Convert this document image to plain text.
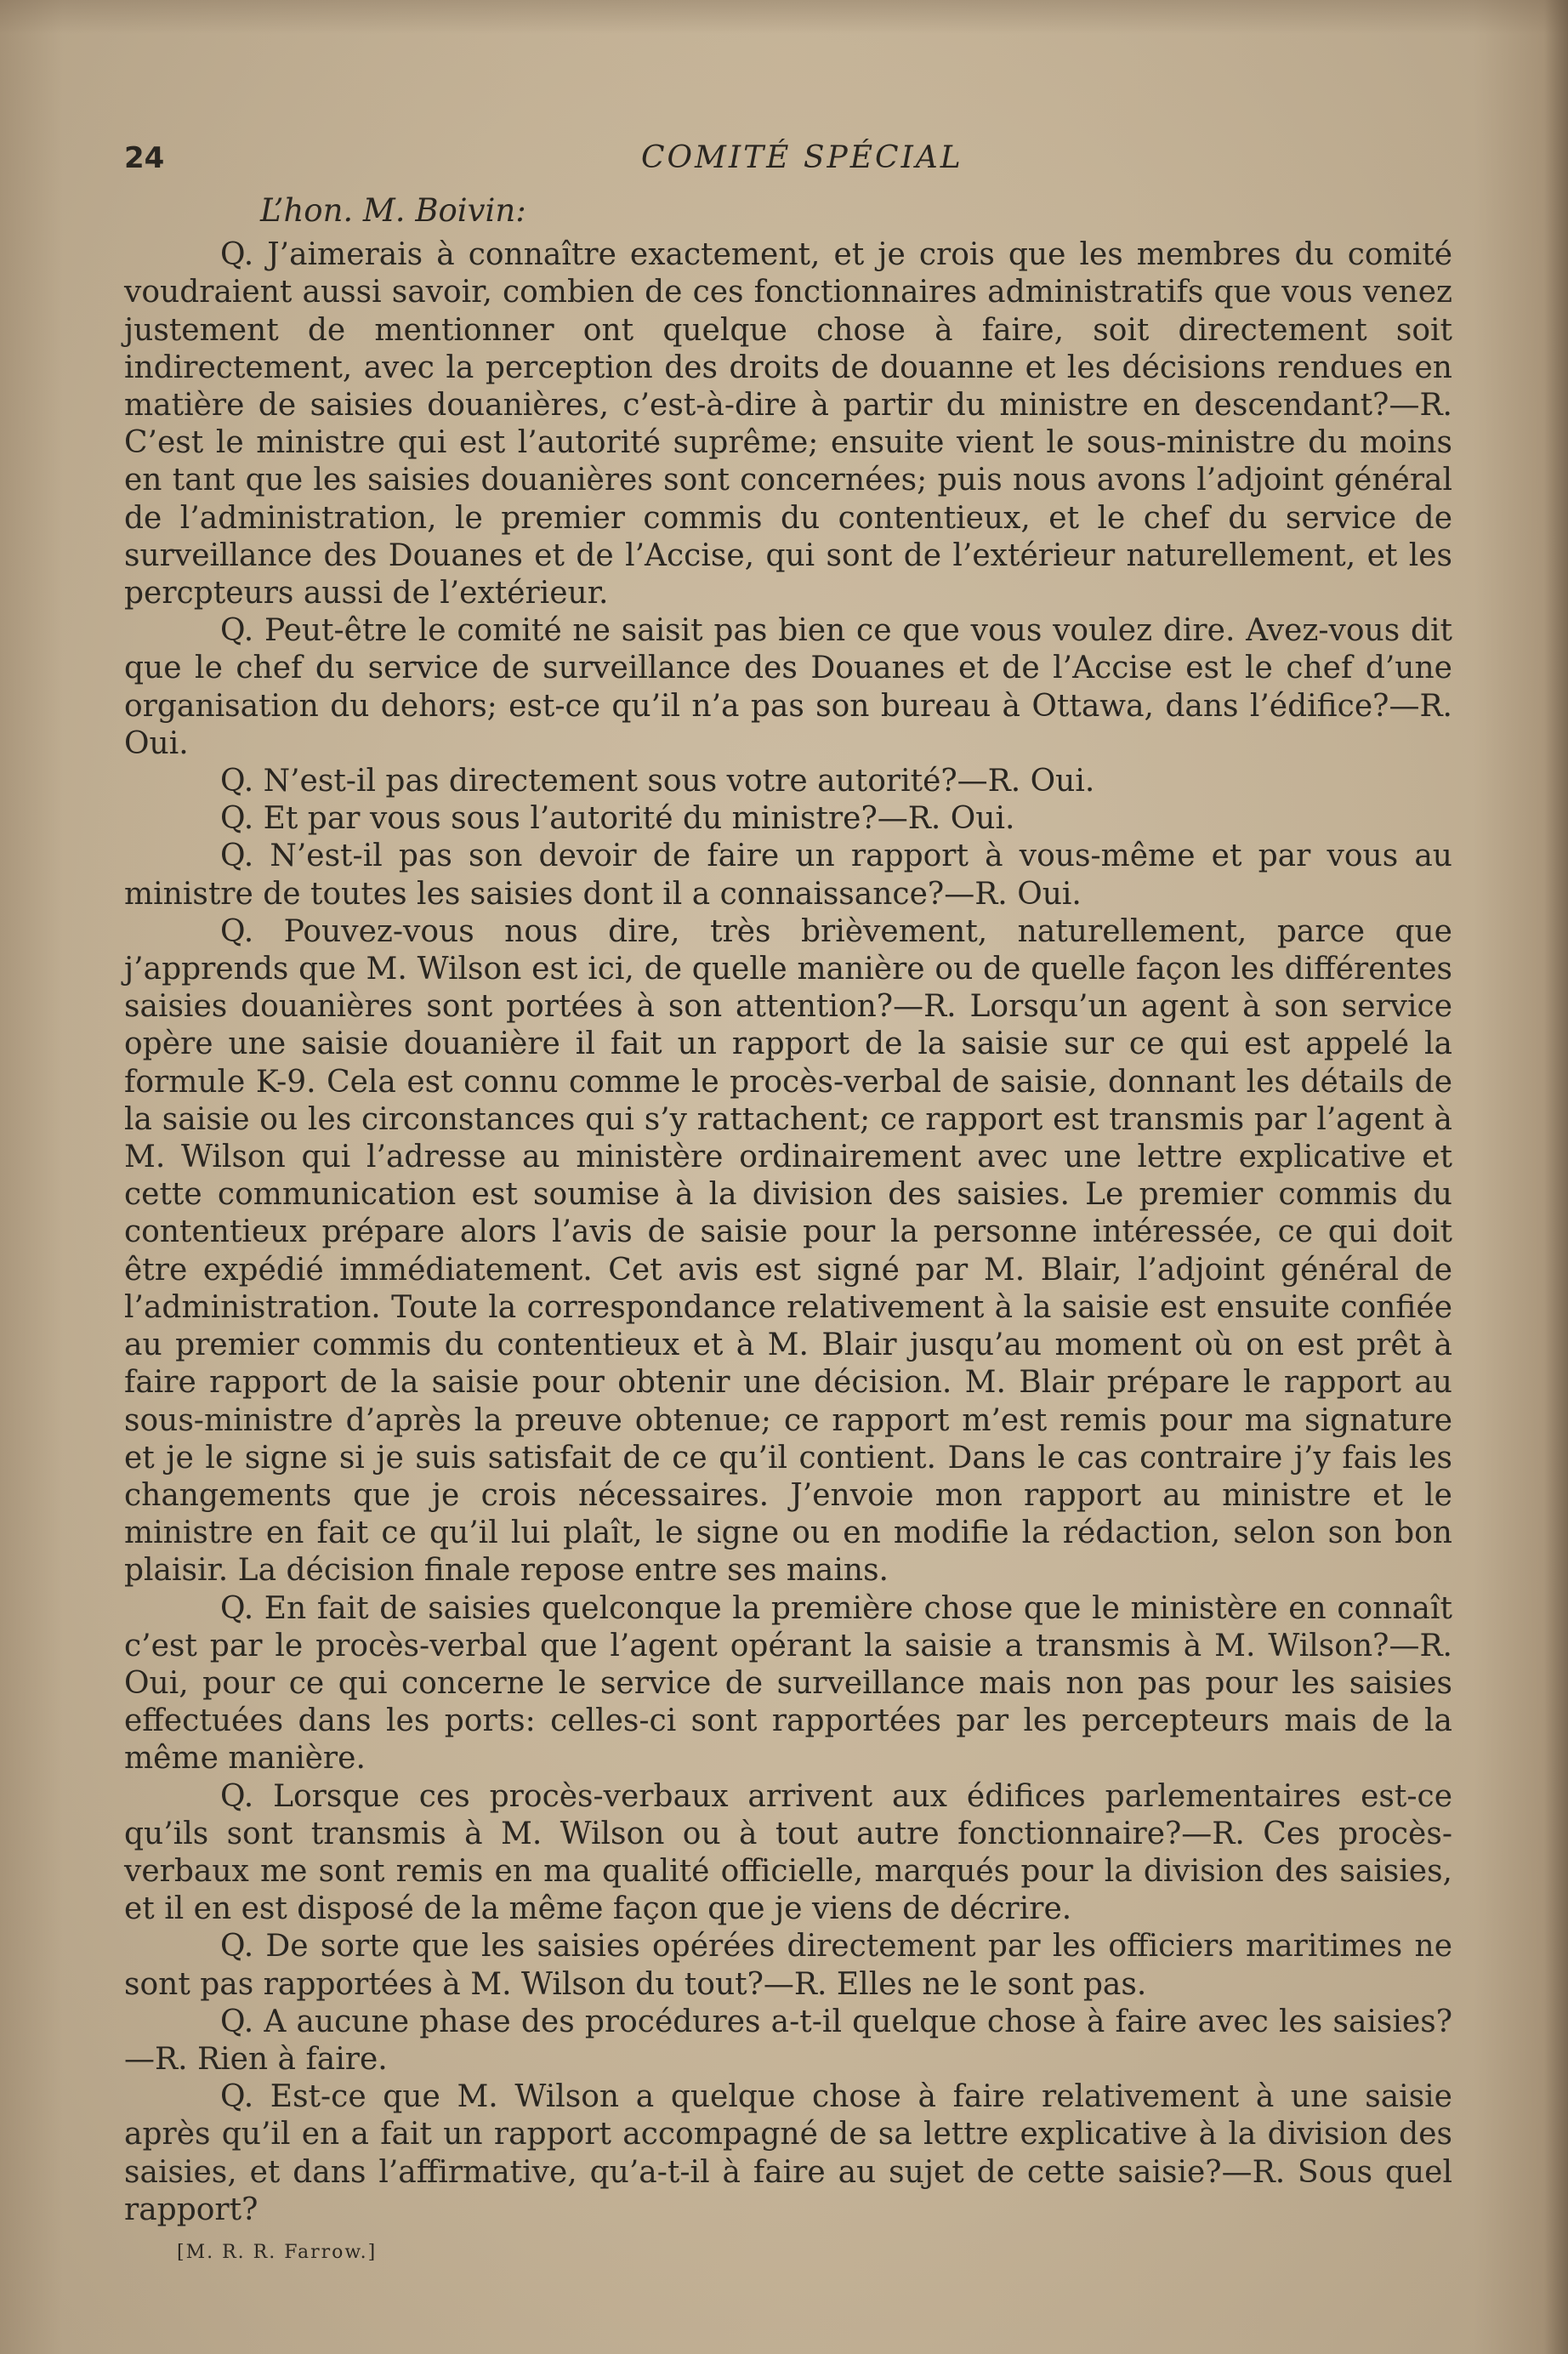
24	COMITÉ SPÉCIAL
L’hon. M. Boivin:

Q. J’aimerais à connaître exactement, et je crois que les membres du comité voudraient aussi savoir, combien de ces fonctionnaires administratifs que vous venez justement de mentionner ont quelque chose à faire, soit directement soit indirectement, avec la perception des droits de douanne et les décisions rendues en matière de saisies douanières, c’est-à-dire à partir du ministre en descendant?—R. C’est le ministre qui est l’autorité suprême; ensuite vient le sous-ministre du moins en tant que les saisies douanières sont concernées; puis nous avons l’adjoint général de l’administration, le premier commis du contentieux, et le chef du service de surveillance des Douanes et de l’Accise, qui sont de l’extérieur naturellement, et les percpteurs aussi de l’extérieur.

Q. Peut-être le comité ne saisit pas bien ce que vous voulez dire. Avez-vous dit que le chef du service de surveillance des Douanes et de l’Accise est le chef d’une organisation du dehors; est-ce qu’il n’a pas son bureau à Ottawa, dans l’édifice?—R. Oui.

Q. N’est-il pas directement sous votre autorité?—R. Oui.

Q. Et par vous sous l’autorité du ministre?—R. Oui.

Q. N’est-il pas son devoir de faire un rapport à vous-même et par vous au ministre de toutes les saisies dont il a connaissance?—R. Oui.

Q. Pouvez-vous nous dire, très brièvement, naturellement, parce que j’apprends que M. Wilson est ici, de quelle manière ou de quelle façon les différentes saisies douanières sont portées à son attention?—R. Lorsqu’un agent à son service opère une saisie douanière il fait un rapport de la saisie sur ce qui est appelé la formule K-9. Cela est connu comme le procès-verbal de saisie, donnant les détails de la saisie ou les circonstances qui s’y rattachent; ce rapport est transmis par l’agent à M. Wilson qui l’adresse au ministère ordinairement avec une lettre explicative et cette communication est soumise à la division des saisies. Le premier commis du contentieux prépare alors l’avis de saisie pour la personne intéressée, ce qui doit être expédié immédiatement. Cet avis est signé par M. Blair, l’adjoint général de l’administration. Toute la correspondance relativement à la saisie est ensuite confiée au premier commis du contentieux et à M. Blair jusqu’au moment où on est prêt à faire rapport de la saisie pour obtenir une décision. M. Blair prépare le rapport au sous-ministre d’après la preuve obtenue; ce rapport m’est remis pour ma signature et je le signe si je suis satisfait de ce qu’il contient. Dans le cas contraire j’y fais les changements que je crois nécessaires. J’envoie mon rapport au ministre et le ministre en fait ce qu’il lui plaît, le signe ou en modifie la rédaction, selon son bon plaisir. La décision finale repose entre ses mains.

Q. En fait de saisies quelconque la première chose que le ministère en connaît c’est par le procès-verbal que l’agent opérant la saisie a transmis à M. Wilson?—R. Oui, pour ce qui concerne le service de surveillance mais non pas pour les saisies effectuées dans les ports: celles-ci sont rapportées par les percepteurs mais de la même manière.

Q. Lorsque ces procès-verbaux arrivent aux édifices parlementaires est-ce qu’ils sont transmis à M. Wilson ou à tout autre fonctionnaire?—R. Ces procès-verbaux me sont remis en ma qualité officielle, marqués pour la division des saisies, et il en est disposé de la même façon que je viens de décrire.

Q. De sorte que les saisies opérées directement par les officiers maritimes ne sont pas rapportées à M. Wilson du tout?—R. Elles ne le sont pas.

Q. A aucune phase des procédures a-t-il quelque chose à faire avec les saisies?—R. Rien à faire.

Q. Est-ce que M. Wilson a quelque chose à faire relativement à une saisie après qu’il en a fait un rapport accompagné de sa lettre explicative à la division des saisies, et dans l’affirmative, qu’a-t-il à faire au sujet de cette saisie?—R. Sous quel rapport?

[M. R. R. Farrow.]
